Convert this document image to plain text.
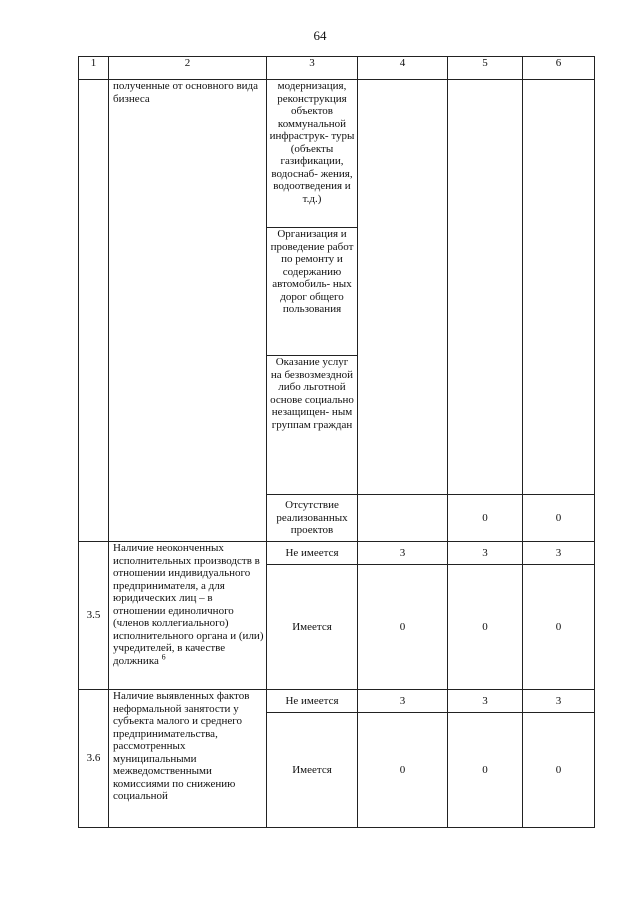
64
1	2	3	4	5	6
	полученные от основного вида бизнеса	модернизация, реконструкция объектов коммунальной инфраструк- туры (объекты газификации, водоснаб- жения, водоотведения и т.д.)			
		Организация и проведение работ по ремонту и содержанию автомобиль- ных дорог общего пользования			
		Оказание услуг на безвозмездной либо льготной основе социально незащищен- ным группам граждан			
		Отсутствие реализованных проектов		0	0
3.5	Наличие неоконченных исполнительных производств в отношении индивидуального предпринимателя, а для юридических лиц – в отношении единоличного (членов коллегиального) исполнительного органа и (или) учредителей, в качестве должника $^6$	Не имеется	3	3	3
		Имеется	0	0	0
3.6	Наличие выявленных фактов неформальной занятости у субъекта малого и среднего предпринимательства, рассмотренных муниципальными межведомственными комиссиями по снижению социальной	Не имеется	3	3	3
		Имеется	0	0	0
